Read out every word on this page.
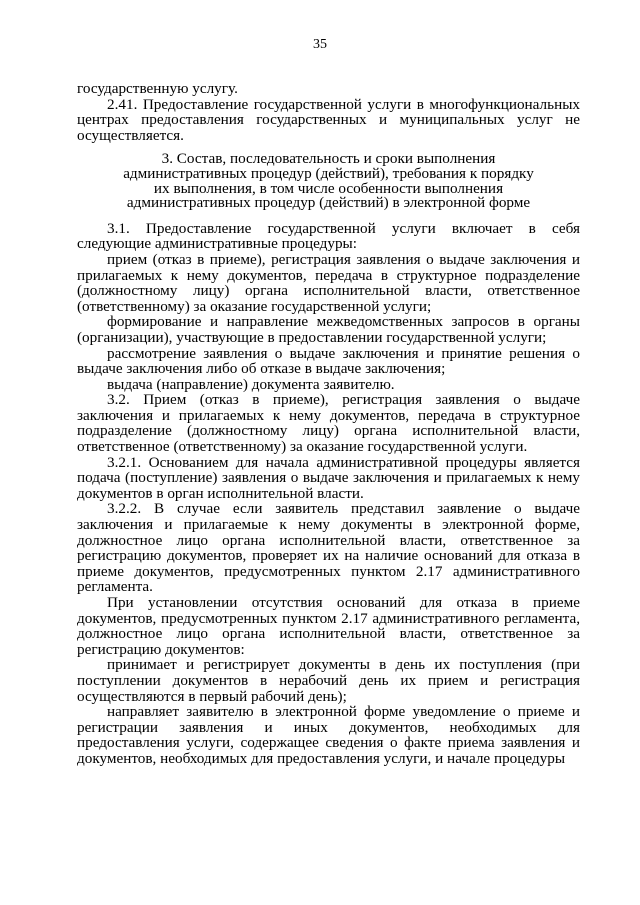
35

государственную услугу.

2.41. Предоставление государственной услуги в многофункциональных центрах предоставления государственных и муниципальных услуг не осуществляется.

3. Состав, последовательность и сроки выполнения
административных процедур (действий), требования к порядку
их выполнения, в том числе особенности выполнения
административных процедур (действий) в электронной форме

3.1. Предоставление государственной услуги включает в себя следующие административные процедуры:

прием (отказ в приеме), регистрация заявления о выдаче заключения и прилагаемых к нему документов, передача в структурное подразделение (должностному лицу) органа исполнительной власти, ответственное (ответственному) за оказание государственной услуги;

формирование и направление межведомственных запросов в органы (организации), участвующие в предоставлении государственной услуги;

рассмотрение заявления о выдаче заключения и принятие решения о выдаче заключения либо об отказе в выдаче заключения;

выдача (направление) документа заявителю.

3.2. Прием (отказ в приеме), регистрация заявления о выдаче заключения и прилагаемых к нему документов, передача в структурное подразделение (должностному лицу) органа исполнительной власти, ответственное (ответственному) за оказание государственной услуги.

3.2.1. Основанием для начала административной процедуры является подача (поступление) заявления о выдаче заключения и прилагаемых к нему документов в орган исполнительной власти.

3.2.2. В случае если заявитель представил заявление о выдаче заключения и прилагаемые к нему документы в электронной форме, должностное лицо органа исполнительной власти, ответственное за регистрацию документов, проверяет их на наличие оснований для отказа в приеме документов, предусмотренных пунктом 2.17 административного регламента.

При установлении отсутствия оснований для отказа в приеме документов, предусмотренных пунктом 2.17 административного регламента, должностное лицо органа исполнительной власти, ответственное за регистрацию документов:

принимает и регистрирует документы в день их поступления (при поступлении документов в нерабочий день их прием и регистрация осуществляются в первый рабочий день);

направляет заявителю в электронной форме уведомление о приеме и регистрации заявления и иных документов, необходимых для предоставления услуги, содержащее сведения о факте приема заявления и документов, необходимых для предоставления услуги, и начале процедуры
